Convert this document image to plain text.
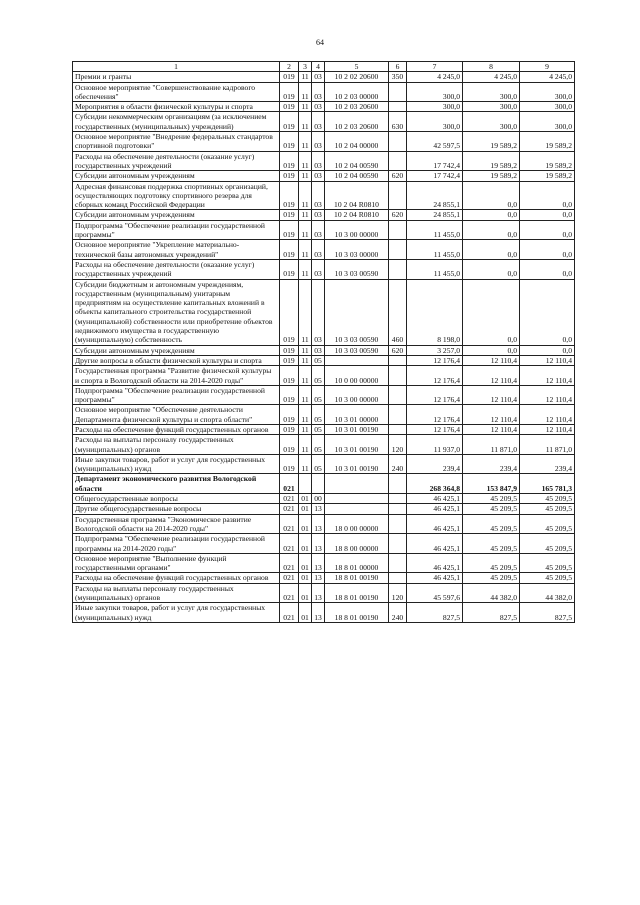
64
1	2	3	4	5	6	7	8	9
Премии и гранты	019	11	03	10 2 02 20600	350	4 245,0	4 245,0	4 245,0
Основное мероприятие "Совершенствование кадрового обеспечения"	019	11	03	10 2 03 00000		300,0	300,0	300,0
Мероприятия в области физической культуры и спорта	019	11	03	10 2 03 20600		300,0	300,0	300,0
Субсидии некоммерческим организациям (за исключением государственных (муниципальных) учреждений)	019	11	03	10 2 03 20600	630	300,0	300,0	300,0
Основное мероприятие "Внедрение федеральных стандартов спортивной подготовки"	019	11	03	10 2 04 00000		42 597,5	19 589,2	19 589,2
Расходы на обеспечение деятельности (оказание услуг) государственных учреждений	019	11	03	10 2 04 00590		17 742,4	19 589,2	19 589,2
Субсидии автономным учреждениям	019	11	03	10 2 04 00590	620	17 742,4	19 589,2	19 589,2
Адресная финансовая поддержка спортивных организаций, осуществляющих подготовку спортивного резерва для сборных команд Российской Федерации	019	11	03	10 2 04 R0810		24 855,1	0,0	0,0
Субсидии автономным учреждениям	019	11	03	10 2 04 R0810	620	24 855,1	0,0	0,0
Подпрограмма "Обеспечение реализации государственной программы"	019	11	03	10 3 00 00000		11 455,0	0,0	0,0
Основное мероприятие "Укрепление материально-технической базы автономных учреждений"	019	11	03	10 3 03 00000		11 455,0	0,0	0,0
Расходы на обеспечение деятельности (оказание услуг) государственных учреждений	019	11	03	10 3 03 00590		11 455,0	0,0	0,0
Субсидии бюджетным и автономным учреждениям, государственным (муниципальным) унитарным предприятиям на осуществление капитальных вложений в объекты капитального строительства государственной (муниципальной) собственности или приобретение объектов недвижимого имущества в государственную (муниципальную) собственность	019	11	03	10 3 03 00590	460	8 198,0	0,0	0,0
Субсидии автономным учреждениям	019	11	03	10 3 03 00590	620	3 257,0	0,0	0,0
Другие вопросы в области физической культуры и спорта	019	11	05			12 176,4	12 110,4	12 110,4
Государственная программа "Развитие физической культуры и спорта в Вологодской области на 2014-2020 годы"	019	11	05	10 0 00 00000		12 176,4	12 110,4	12 110,4
Подпрограмма "Обеспечение реализации государственной программы"	019	11	05	10 3 00 00000		12 176,4	12 110,4	12 110,4
Основное мероприятие "Обеспечение деятельности Департамента физической культуры и спорта области"	019	11	05	10 3 01 00000		12 176,4	12 110,4	12 110,4
Расходы на обеспечение функций государственных органов	019	11	05	10 3 01 00190		12 176,4	12 110,4	12 110,4
Расходы на выплаты персоналу государственных (муниципальных) органов	019	11	05	10 3 01 00190	120	11 937,0	11 871,0	11 871,0
Иные закупки товаров, работ и услуг для государственных (муниципальных) нужд	019	11	05	10 3 01 00190	240	239,4	239,4	239,4
Департамент экономического развития Вологодской области	021					268 364,8	153 847,9	165 781,3
Общегосударственные вопросы	021	01	00			46 425,1	45 209,5	45 209,5
Другие общегосударственные вопросы	021	01	13			46 425,1	45 209,5	45 209,5
Государственная программа "Экономическое развитие Вологодской области на 2014-2020 годы"	021	01	13	18 0 00 00000		46 425,1	45 209,5	45 209,5
Подпрограмма "Обеспечение реализации государственной программы на 2014-2020 годы"	021	01	13	18 8 00 00000		46 425,1	45 209,5	45 209,5
Основное мероприятие "Выполнение функций государственными органами"	021	01	13	18 8 01 00000		46 425,1	45 209,5	45 209,5
Расходы на обеспечение функций государственных органов	021	01	13	18 8 01 00190		46 425,1	45 209,5	45 209,5
Расходы на выплаты персоналу государственных (муниципальных) органов	021	01	13	18 8 01 00190	120	45 597,6	44 382,0	44 382,0
Иные закупки товаров, работ и услуг для государственных (муниципальных) нужд	021	01	13	18 8 01 00190	240	827,5	827,5	827,5
